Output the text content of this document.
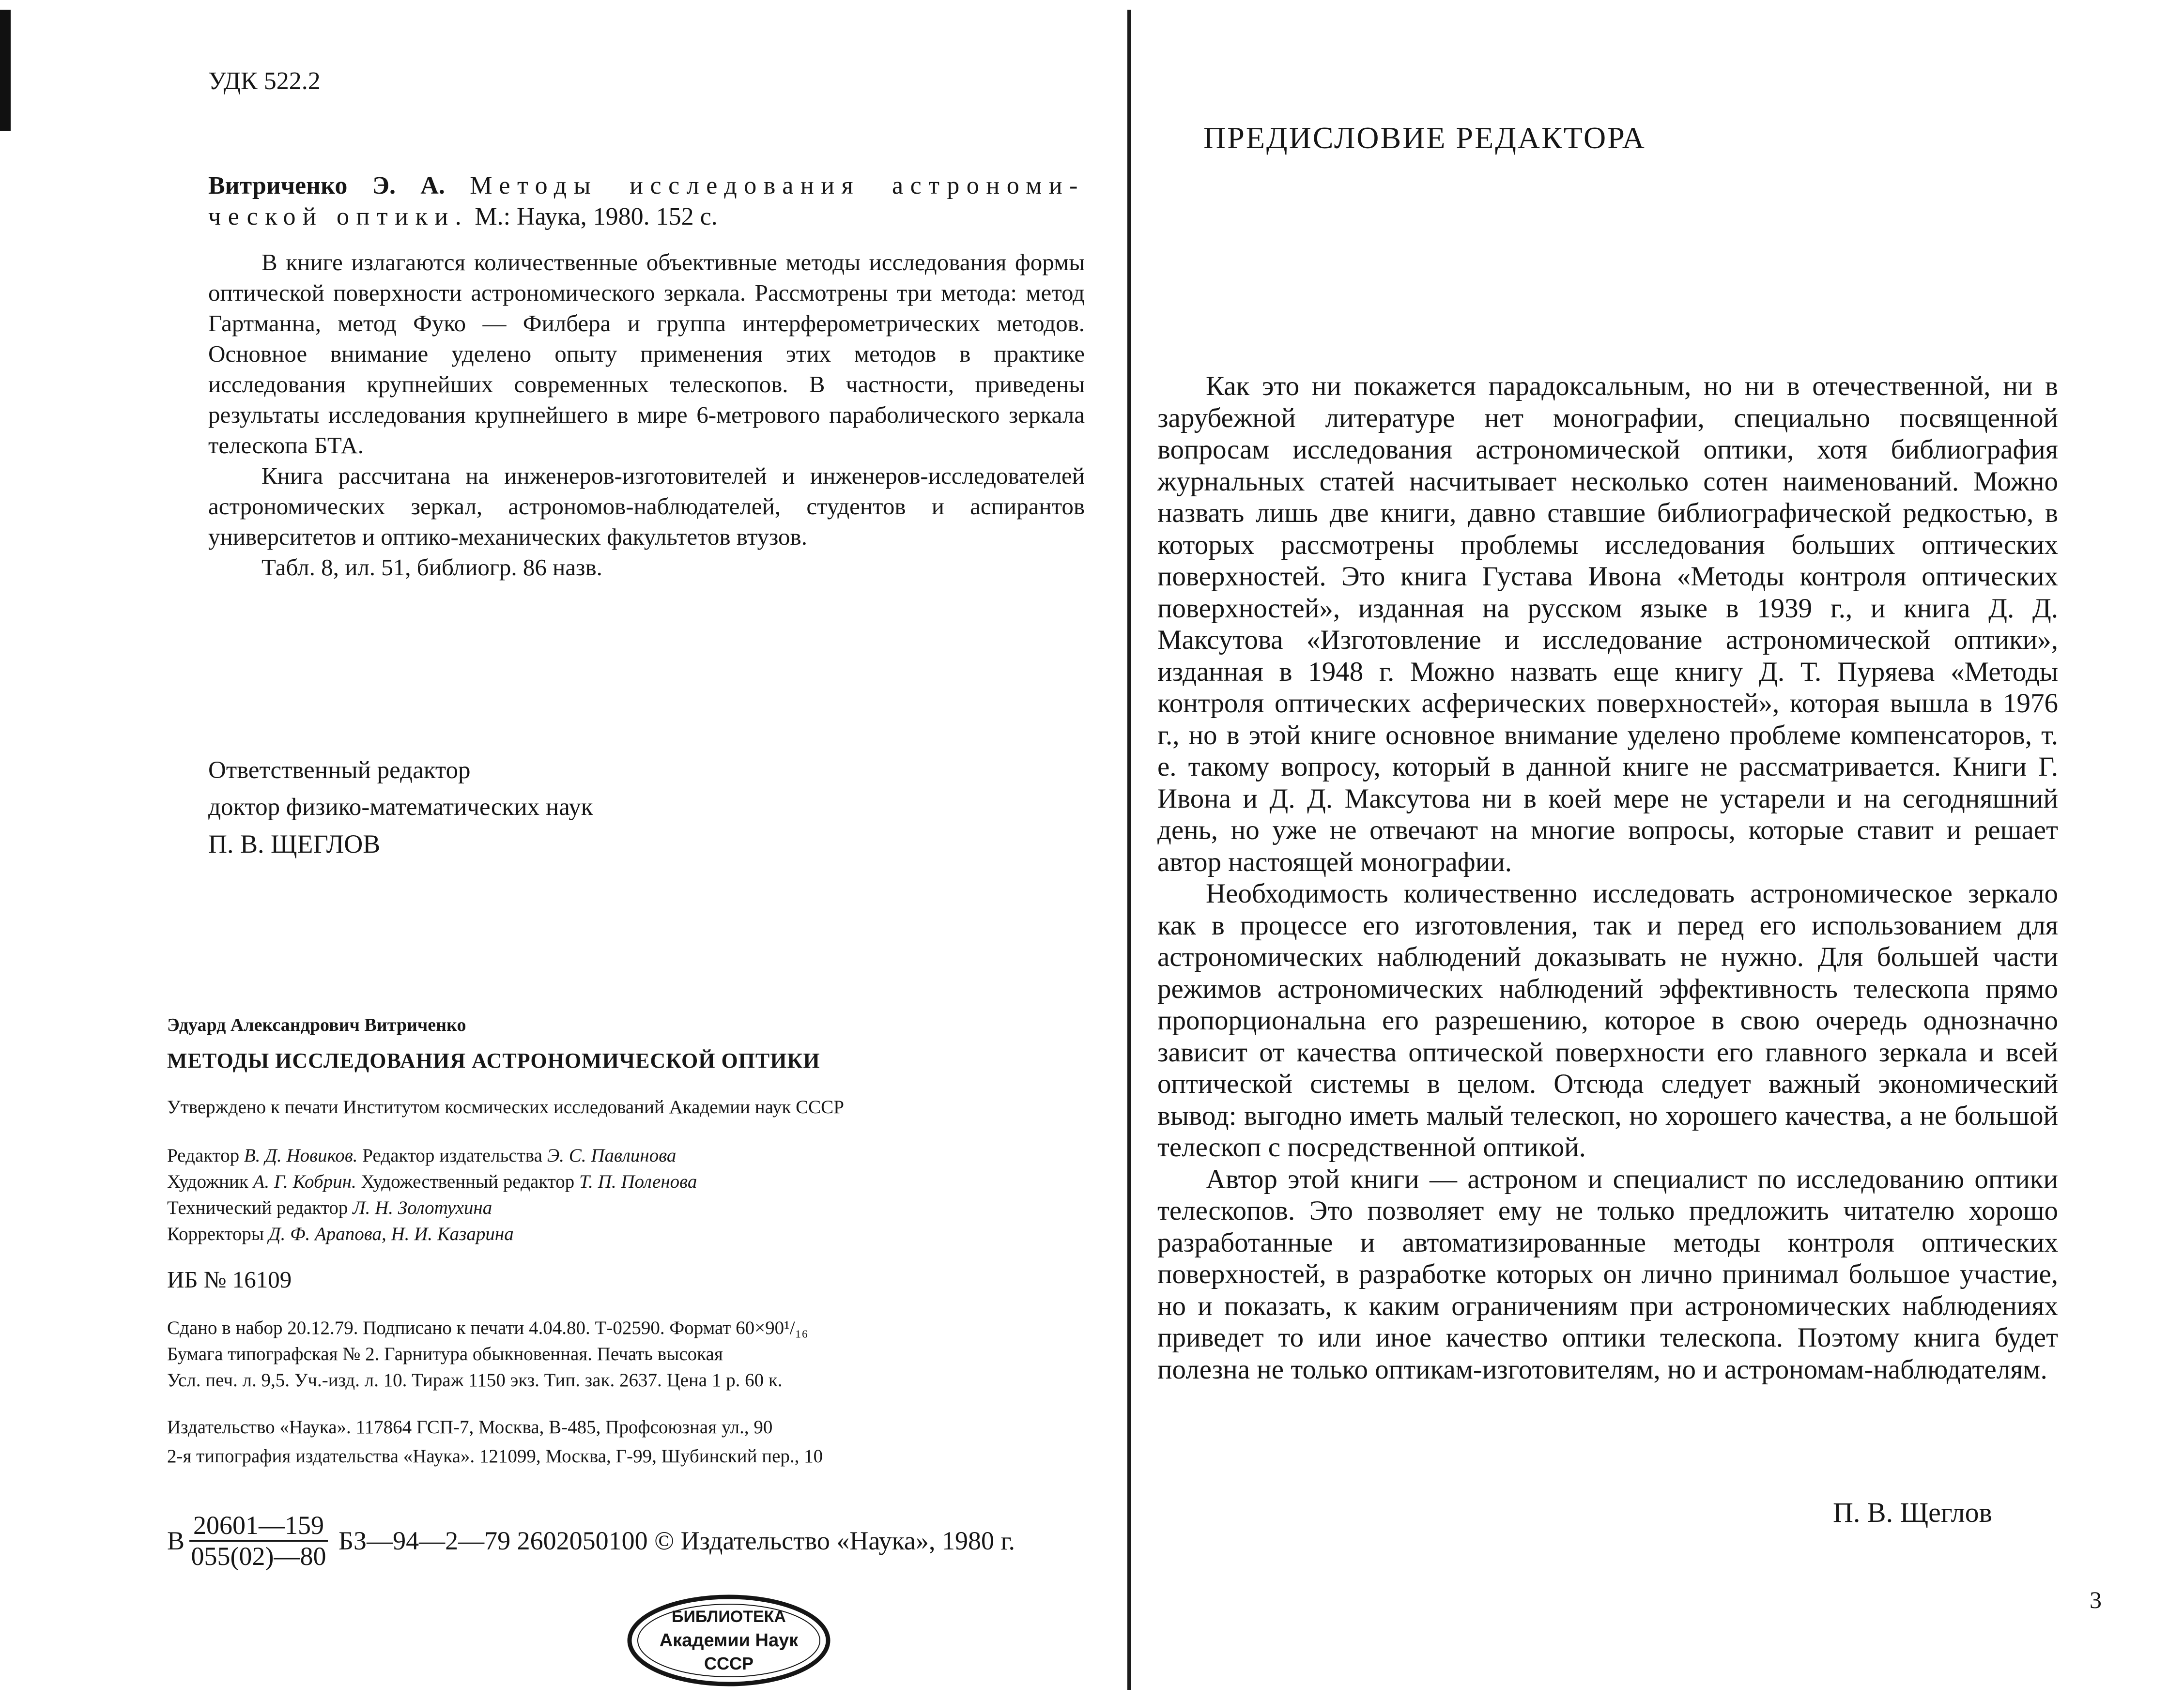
УДК 522.2
Витриченко Э. А. Методы исследования астрономи- ческой оптики. М.: Наука, 1980. 152 с.

В книге излагаются количественные объективные методы исследования формы оптической поверхности астрономического зеркала. Рассмотрены три метода: метод Гартманна, метод Фуко — Филбера и группа интерферометрических методов. Основное внимание уделено опыту применения этих методов в практике исследования крупнейших современных телескопов. В частности, приведены результаты исследования крупнейшего в мире 6-метрового параболического зеркала телескопа БТА.

Книга рассчитана на инженеров-изготовителей и инженеров-исследователей астрономических зеркал, астрономов-наблюдателей, студентов и аспирантов университетов и оптико-механических факультетов втузов.

Табл. 8, ил. 51, библиогр. 86 назв.

Ответственный редактор

доктор физико-математических наук

П. В. ЩЕГЛОВ

Эдуард Александрович Витриченко

МЕТОДЫ ИССЛЕДОВАНИЯ АСТРОНОМИЧЕСКОЙ ОПТИКИ

Утверждено к печати Институтом космических исследований Академии наук СССР

Редактор В. Д. Новиков. Редактор издательства Э. С. Павлинова

Художник А. Г. Кобрин. Художественный редактор Т. П. Поленова

Технический редактор Л. Н. Золотухина

Корректоры Д. Ф. Арапова, Н. И. Казарина

ИБ № 16109

Сдано в набор 20.12.79. Подписано к печати 4.04.80. Т-02590. Формат 60×90¹/₁₆

Бумага типографская № 2. Гарнитура обыкновенная. Печать высокая

Усл. печ. л. 9,5. Уч.-изд. л. 10. Тираж 1150 экз. Тип. зак. 2637. Цена 1 р. 60 к.

Издательство «Наука». 117864 ГСП-7, Москва, В-485, Профсоюзная ул., 90

2-я типография издательства «Наука». 121099, Москва, Г-99, Шубинский пер., 10

В $\frac{20601—159}{055(02)—80}$ БЗ—94—2—79 2602050100 © Издательство «Наука», 1980 г.
БИБЛИОТЕКА
Академии Наук
СССР
ПРЕДИСЛОВИЕ РЕДАКТОРА

Как это ни покажется парадоксальным, но ни в отечественной, ни в зарубежной литературе нет монографии, специально посвященной вопросам исследования астрономической оптики, хотя библиография журнальных статей насчитывает несколько сотен наименований. Можно назвать лишь две книги, давно ставшие библиографической редкостью, в которых рассмотрены проблемы исследования больших оптических поверхностей. Это книга Густава Ивона «Методы контроля оптических поверхностей», изданная на русском языке в 1939 г., и книга Д. Д. Максутова «Изготовление и исследование астрономической оптики», изданная в 1948 г. Можно назвать еще книгу Д. Т. Пуряева «Методы контроля оптических асферических поверхностей», которая вышла в 1976 г., но в этой книге основное внимание уделено проблеме компенсаторов, т. е. такому вопросу, который в данной книге не рассматривается. Книги Г. Ивона и Д. Д. Максутова ни в коей мере не устарели и на сегодняшний день, но уже не отвечают на многие вопросы, которые ставит и решает автор настоящей монографии.

Необходимость количественно исследовать астрономическое зеркало как в процессе его изготовления, так и перед его использованием для астрономических наблюдений доказывать не нужно. Для большей части режимов астрономических наблюдений эффективность телескопа прямо пропорциональна его разрешению, которое в свою очередь однозначно зависит от качества оптической поверхности его главного зеркала и всей оптической системы в целом. Отсюда следует важный экономический вывод: выгодно иметь малый телескоп, но хорошего качества, а не большой телескоп с посредственной оптикой.

Автор этой книги — астроном и специалист по исследованию оптики телескопов. Это позволяет ему не только предложить читателю хорошо разработанные и автоматизированные методы контроля оптических поверхностей, в разработке которых он лично принимал большое участие, но и показать, к каким ограничениям при астрономических наблюдениях приведет то или иное качество оптики телескопа. Поэтому книга будет полезна не только оптикам-изготовителям, но и астрономам-наблюдателям.

П. В. Щеглов
3
